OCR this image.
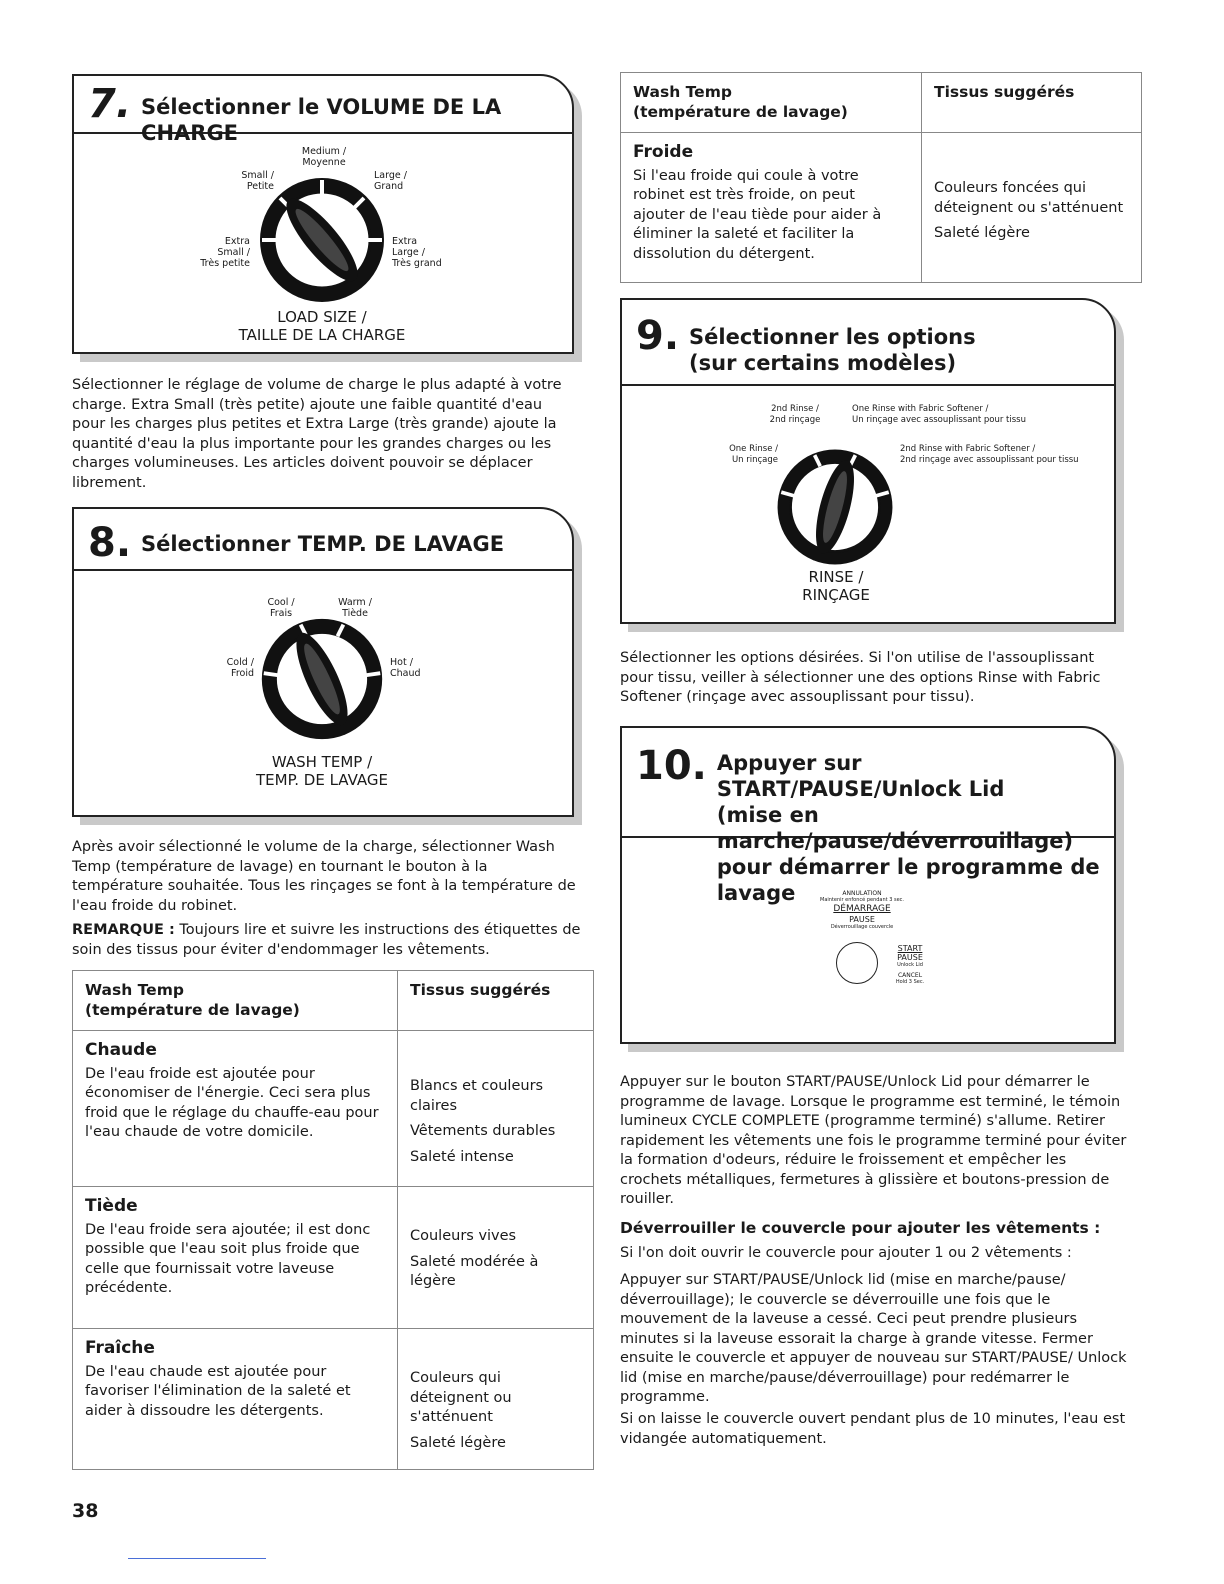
7. Sélectionner le VOLUME DE LA CHARGE
Medium /
Moyenne
Small /
Petite
Large /
Grand
Extra
Small /
Très petite
Extra
Large /
Très grand
LOAD SIZE /
TAILLE DE LA CHARGE
Sélectionner le réglage de volume de charge le plus adapté à votre charge. Extra Small (très petite) ajoute une faible quantité d'eau pour les charges plus petites et Extra Large (très grande) ajoute la quantité d'eau la plus importante pour les grandes charges ou les charges volumineuses. Les articles doivent pouvoir se déplacer librement.
8. Sélectionner TEMP. DE LAVAGE
Cool /
Frais
Warm /
Tiède
Cold /
Froid
Hot /
Chaud
WASH TEMP /
TEMP. DE LAVAGE
Après avoir sélectionné le volume de la charge, sélectionner Wash Temp (température de lavage) en tournant le bouton à la température souhaitée. Tous les rinçages se font à la température de l'eau froide du robinet.
REMARQUE : Toujours lire et suivre les instructions des étiquettes de soin des tissus pour éviter d'endommager les vêtements.
Wash Temp
(température de lavage)	Tissus suggérés

Chaude
De l'eau froide est ajoutée pour économiser de l'énergie. Ceci sera plus froid que le réglage du chauffe-eau pour l'eau chaude de votre domicile.	Blancs et couleurs claires
Vêtements durables
Saleté intense

Tiède
De l'eau froide sera ajoutée; il est donc possible que l'eau soit plus froide que celle que fournissait votre laveuse précédente.	Couleurs vives
Saleté modérée à légère

Fraîche
De l'eau chaude est ajoutée pour favoriser l'élimination de la saleté et aider à dissoudre les détergents.	Couleurs qui déteignent ou s'atténuent
Saleté légère
38
Wash Temp
(température de lavage)	Tissus suggérés

Froide
Si l'eau froide qui coule à votre robinet est très froide, on peut ajouter de l'eau tiède pour aider à éliminer la saleté et faciliter la dissolution du détergent.	Couleurs foncées qui déteignent ou s'atténuent
Saleté légère
9. Sélectionner les options
(sur certains modèles)
2nd Rinse /
2nd rinçage
One Rinse with Fabric Softener /
Un rinçage avec assouplissant pour tissu
One Rinse /
Un rinçage
2nd Rinse with Fabric Softener /
2nd rinçage avec assouplissant pour tissu
RINSE /
RINÇAGE
Sélectionner les options désirées. Si l'on utilise de l'assouplissant pour tissu, veiller à sélectionner une des options Rinse with Fabric Softener (rinçage avec assouplissant pour tissu).
10. Appuyer sur START/PAUSE/Unlock Lid
(mise en marche/pause/déverrouillage)
pour démarrer le programme de lavage	ANNULATION
Maintenir enfoncé pendant 3 sec.
DÉMARRAGE
PAUSE
Déverrouillage couvercle
START
PAUSE
Unlock Lid
CANCEL
Hold 3 Sec.
Appuyer sur le bouton START/PAUSE/Unlock Lid pour démarrer le programme de lavage. Lorsque le programme est terminé, le témoin lumineux CYCLE COMPLETE (programme terminé) s'allume. Retirer rapidement les vêtements une fois le programme terminé pour éviter la formation d'odeurs, réduire le froissement et empêcher les crochets métalliques, fermetures à glissière et boutons-pression de rouiller.
Déverrouiller le couvercle pour ajouter les vêtements :
Si l'on doit ouvrir le couvercle pour ajouter 1 ou 2 vêtements :
Appuyer sur START/PAUSE/Unlock lid (mise en marche/pause/ déverrouillage); le couvercle se déverrouille une fois que le mouvement de la laveuse a cessé. Ceci peut prendre plusieurs minutes si la laveuse essorait la charge à grande vitesse. Fermer ensuite le couvercle et appuyer de nouveau sur START/PAUSE/ Unlock lid (mise en marche/pause/déverrouillage) pour redémarrer le programme.
Si on laisse le couvercle ouvert pendant plus de 10 minutes, l'eau est vidangée automatiquement.
